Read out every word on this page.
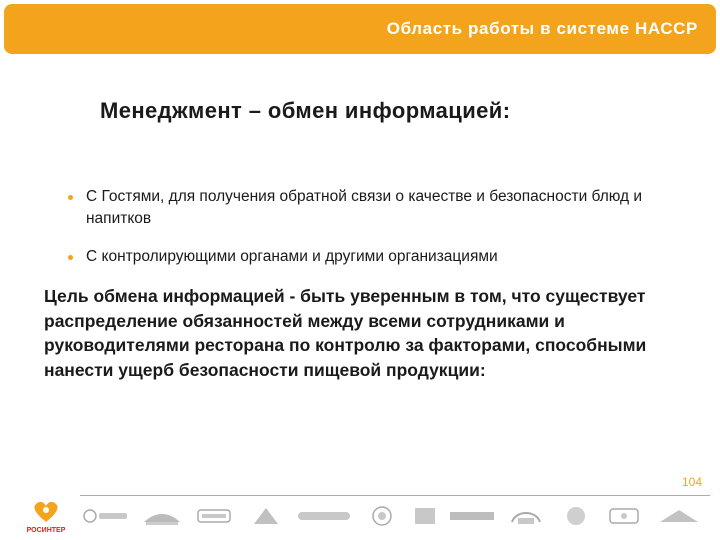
Область работы в системе НАССР
Менеджмент – обмен информацией:
С Гостями, для получения обратной связи о качестве и безопасности блюд и напитков
С контролирующими органами и другими организациями
Цель обмена информацией - быть уверенным в том, что существует распределение обязанностей между всеми сотрудниками и руководителями ресторана по контролю за факторами, способными нанести ущерб безопасности пищевой продукции:
104
РОСИНТЕР
